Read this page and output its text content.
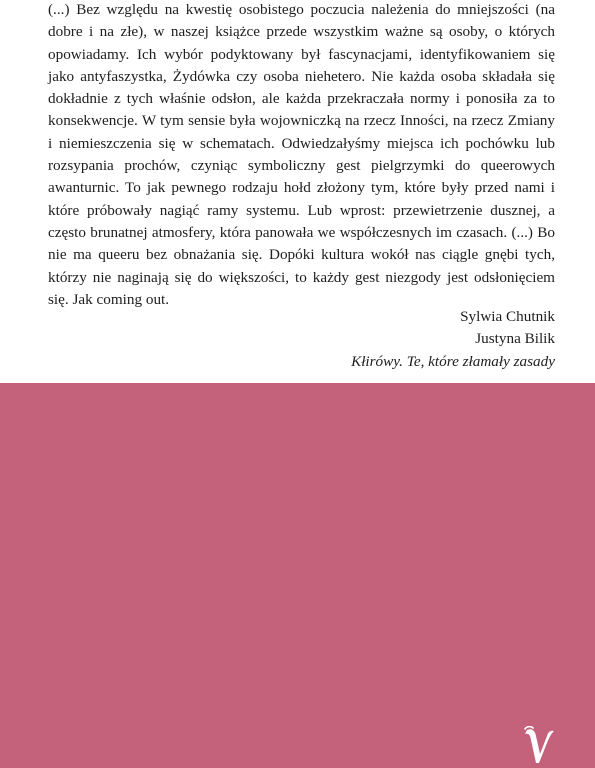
(...) Bez względu na kwestię osobistego poczucia należenia do mniejszości (na dobre i na złe), w naszej książce przede wszystkim ważne są osoby, o których opowiadamy. Ich wybór podyktowany był fascynacjami, identyfikowaniem się jako antyfaszystka, Żydówka czy osoba niehetero. Nie każda osoba składała się dokładnie z tych właśnie odsłon, ale każda przekraczała normy i ponosiła za to konsekwencje. W tym sensie była wojowniczką na rzecz Inności, na rzecz Zmiany i niemieszczenia się w schematach. Odwiedzałyśmy miejsca ich pochówku lub rozsypania prochów, czyniąc symboliczny gest pielgrzymki do queerowych awanturnic. To jak pewnego rodzaju hołd złożony tym, które były przed nami i które próbowały nagiąć ramy systemu. Lub wprost: przewietrzenie dusznej, a często brunatnej atmosfery, która panowała we współczesnych im czasach. (...) Bo nie ma queeru bez obnażania się. Dopóki kultura wokół nas ciągle gnębi tych, którzy nie naginają się do większości, to każdy gest niezgody jest odsłonięciem się. Jak coming out.

Sylwia Chutnik
Justyna Bilik
Kłirówy. Te, które złamały zasady
